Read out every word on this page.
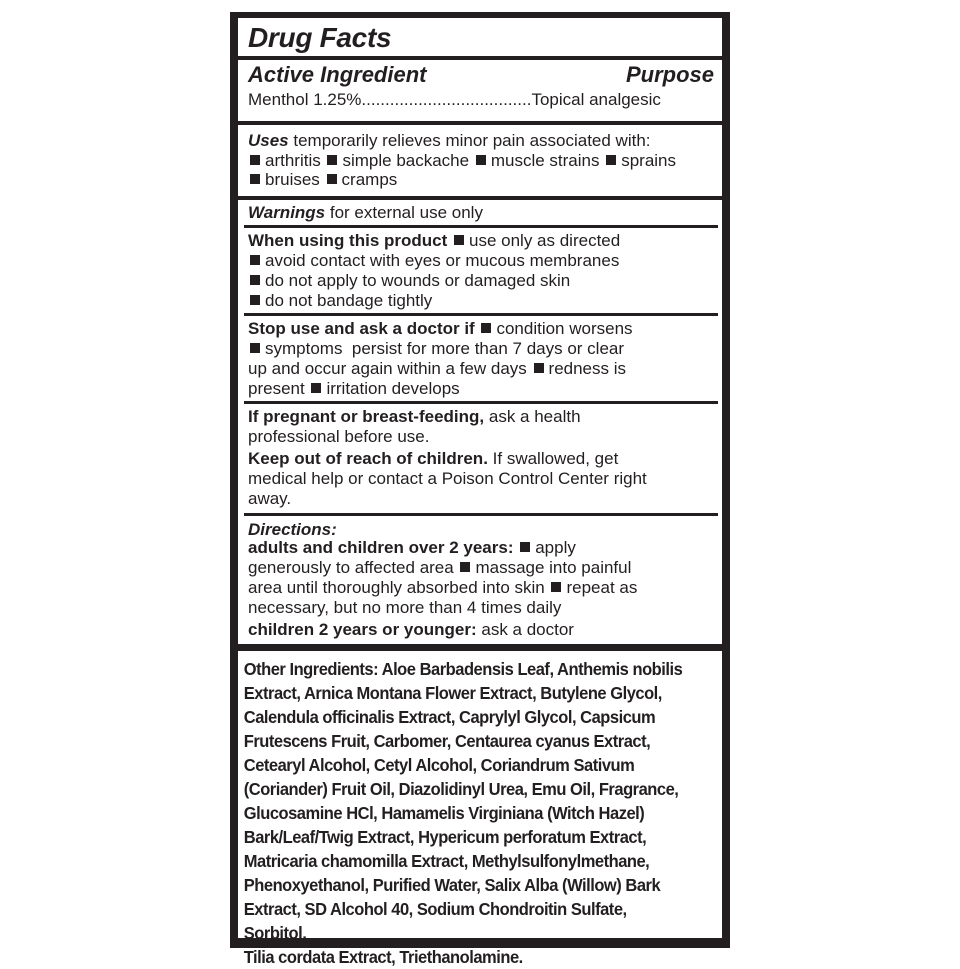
Drug Facts
Active Ingredient	Purpose
Menthol 1.25%....................................Topical analgesic
Uses temporarily relieves minor pain associated with:
arthritis simple backache muscle strains sprains
bruises cramps
Warnings for external use only
When using this product use only as directed
avoid contact with eyes or mucous membranes
do not apply to wounds or damaged skin
do not bandage tightly
Stop use and ask a doctor if condition worsens
symptoms  persist for more than 7 days or clear
up and occur again within a few days redness is
present irritation develops
If pregnant or breast-feeding, ask a health
professional before use.
Keep out of reach of children. If swallowed, get
medical help or contact a Poison Control Center right
away.
Directions:
adults and children over 2 years: apply
generously to affected area massage into painful
area until thoroughly absorbed into skin repeat as
necessary, but no more than 4 times daily
children 2 years or younger: ask a doctor
Other Ingredients: Aloe Barbadensis Leaf, Anthemis nobilis
Extract, Arnica Montana Flower Extract, Butylene Glycol,
Calendula officinalis Extract, Caprylyl Glycol, Capsicum
Frutescens Fruit, Carbomer, Centaurea cyanus Extract,
Cetearyl Alcohol, Cetyl Alcohol, Coriandrum Sativum
(Coriander) Fruit Oil, Diazolidinyl Urea, Emu Oil, Fragrance,
Glucosamine HCl, Hamamelis Virginiana (Witch Hazel)
Bark/Leaf/Twig Extract, Hypericum perforatum Extract,
Matricaria chamomilla Extract, Methylsulfonylmethane,
Phenoxyethanol, Purified Water, Salix Alba (Willow) Bark
Extract, SD Alcohol 40, Sodium Chondroitin Sulfate, Sorbitol,
Tilia cordata Extract, Triethanolamine.
